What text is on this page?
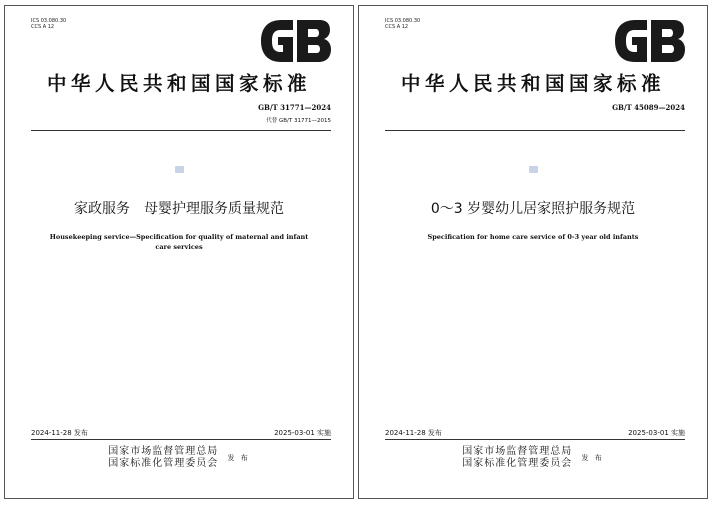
ICS 03.080.30
CCS A 12
中华人民共和国国家标准
GB/T 31771—2024
代替 GB/T 31771—2015
家政服务　母婴护理服务质量规范
Housekeeping service—Specification for quality of maternal and infant
care services
2024-11-28 发布	2025-03-01 实施
国家市场监督管理总局
国家标准化管理委员会 发 布
ICS 03.080.30
CCS A 12
中华人民共和国国家标准
GB/T 45089—2024
0～3 岁婴幼儿居家照护服务规范
Specification for home care service of 0-3 year old infants
2024-11-28 发布	2025-03-01 实施
国家市场监督管理总局
国家标准化管理委员会 发 布
